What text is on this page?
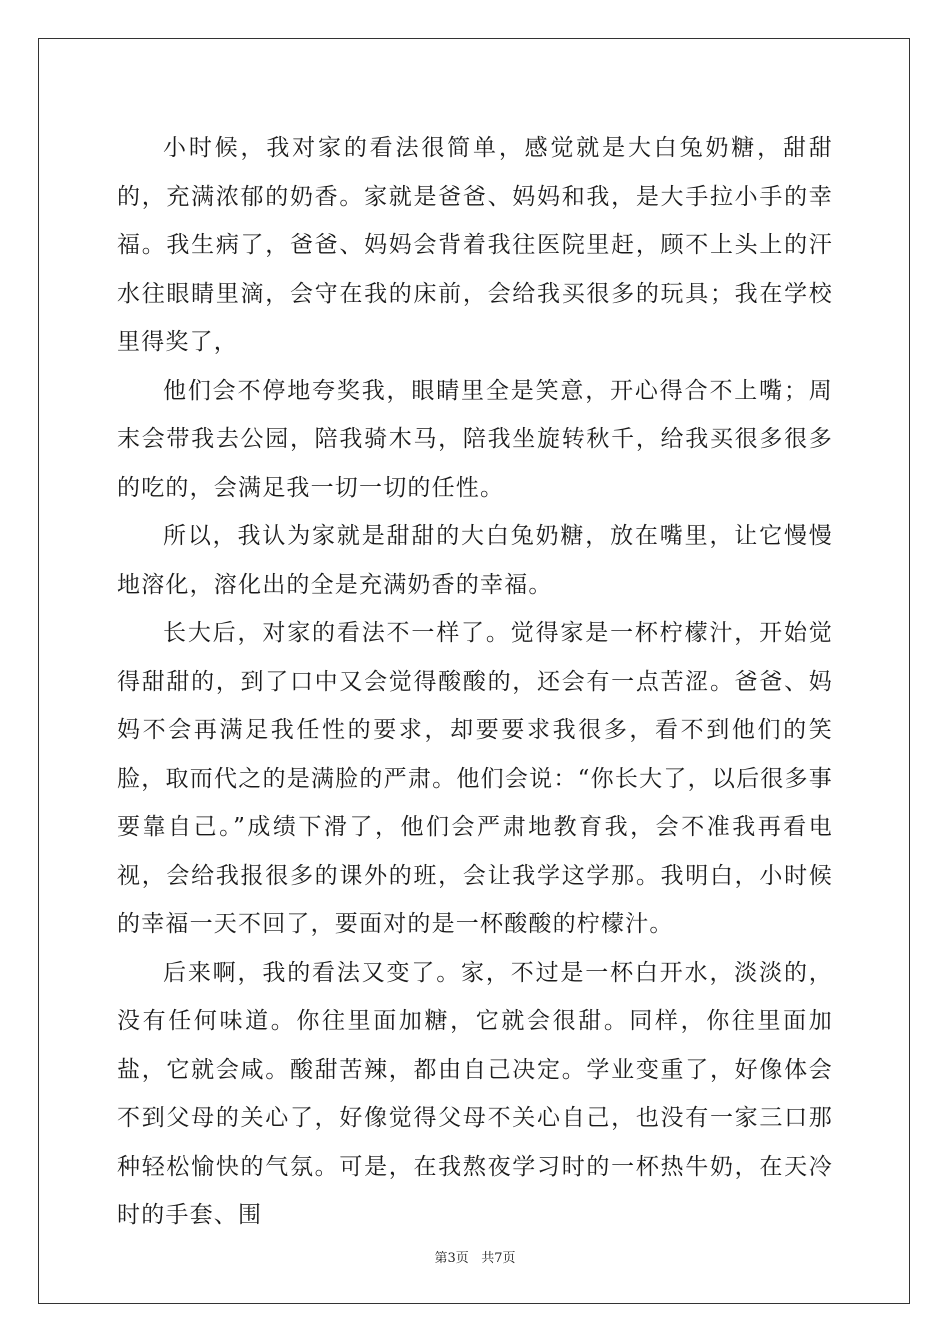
小时候，我对家的看法很简单，感觉就是大白兔奶糖，甜甜的，充满浓郁的奶香。家就是爸爸、妈妈和我，是大手拉小手的幸福。我生病了，爸爸、妈妈会背着我往医院里赶，顾不上头上的汗水往眼睛里滴，会守在我的床前，会给我买很多的玩具；我在学校里得奖了，

他们会不停地夸奖我，眼睛里全是笑意，开心得合不上嘴；周末会带我去公园，陪我骑木马，陪我坐旋转秋千，给我买很多很多的吃的，会满足我一切一切的任性。

所以，我认为家就是甜甜的大白兔奶糖，放在嘴里，让它慢慢地溶化，溶化出的全是充满奶香的幸福。

长大后，对家的看法不一样了。觉得家是一杯柠檬汁，开始觉得甜甜的，到了口中又会觉得酸酸的，还会有一点苦涩。爸爸、妈妈不会再满足我任性的要求，却要要求我很多，看不到他们的笑脸，取而代之的是满脸的严肃。他们会说：“你长大了，以后很多事要靠自己。”成绩下滑了，他们会严肃地教育我，会不准我再看电视，会给我报很多的课外的班，会让我学这学那。我明白，小时候的幸福一天不回了，要面对的是一杯酸酸的柠檬汁。

后来啊，我的看法又变了。家，不过是一杯白开水，淡淡的，没有任何味道。你往里面加糖，它就会很甜。同样，你往里面加盐，它就会咸。酸甜苦辣，都由自己决定。学业变重了，好像体会不到父母的关心了，好像觉得父母不关心自己，也没有一家三口那种轻松愉快的气氛。可是，在我熬夜学习时的一杯热牛奶，在天冷时的手套、围

第3页 共7页
